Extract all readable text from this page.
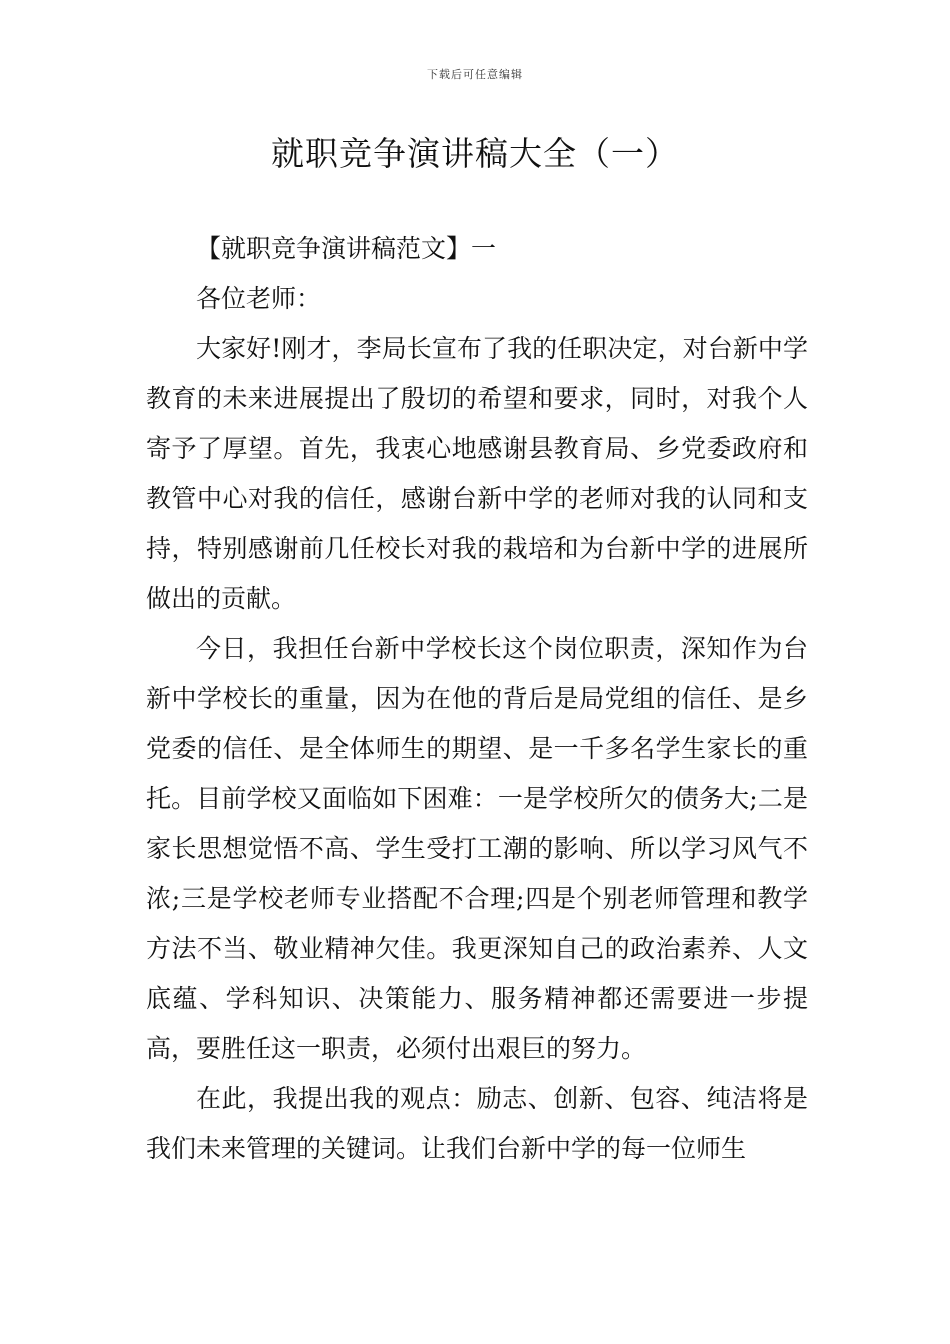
下载后可任意编辑
就职竞争演讲稿大全（一）

【就职竞争演讲稿范文】一

各位老师：

大家好!刚才，李局长宣布了我的任职决定，对台新中学教育的未来进展提出了殷切的希望和要求，同时，对我个人寄予了厚望。首先，我衷心地感谢县教育局、乡党委政府和教管中心对我的信任，感谢台新中学的老师对我的认同和支持，特别感谢前几任校长对我的栽培和为台新中学的进展所做出的贡献。

今日，我担任台新中学校长这个岗位职责，深知作为台新中学校长的重量，因为在他的背后是局党组的信任、是乡党委的信任、是全体师生的期望、是一千多名学生家长的重托。目前学校又面临如下困难：一是学校所欠的债务大;二是家长思想觉悟不高、学生受打工潮的影响、所以学习风气不浓;三是学校老师专业搭配不合理;四是个别老师管理和教学方法不当、敬业精神欠佳。我更深知自己的政治素养、人文底蕴、学科知识、决策能力、服务精神都还需要进一步提高，要胜任这一职责，必须付出艰巨的努力。

在此，我提出我的观点：励志、创新、包容、纯洁将是我们未来管理的关键词。让我们台新中学的每一位师生
